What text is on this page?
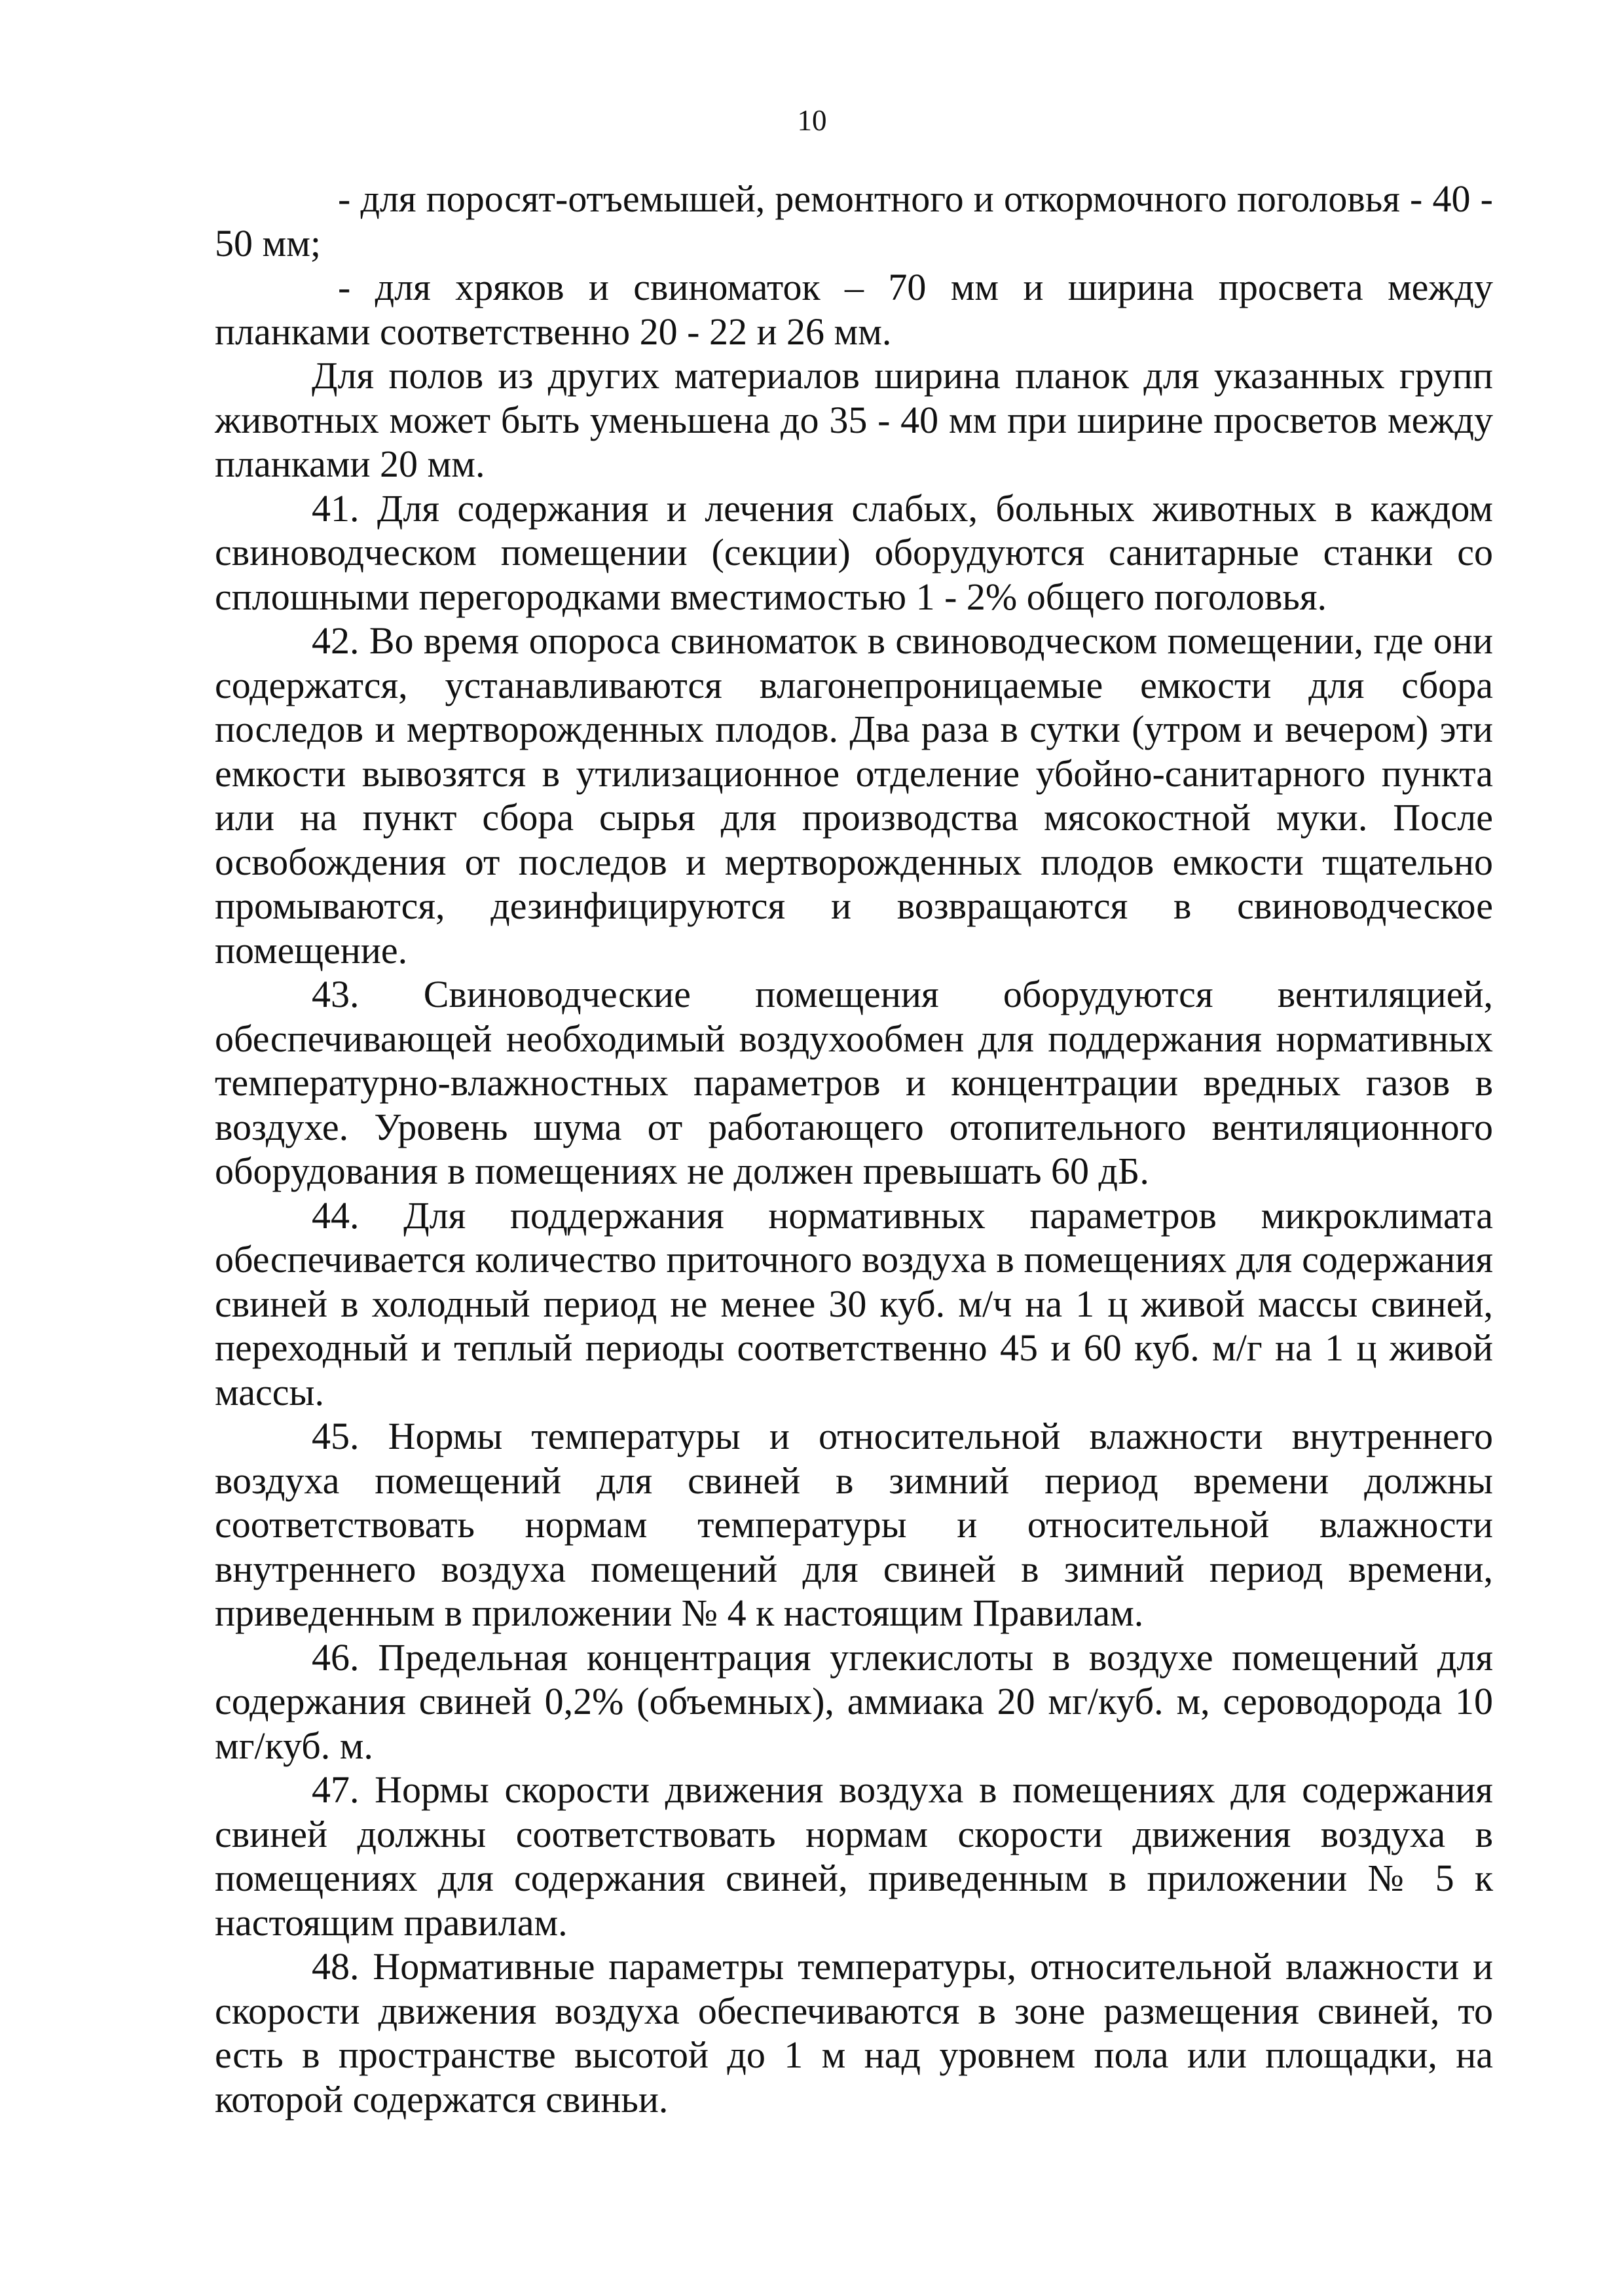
10

- для поросят-отъемышей, ремонтного и откормочного поголовья - 40 - 50 мм;

- для хряков и свиноматок – 70 мм и ширина просвета между планками соответственно 20 - 22 и 26 мм.

Для полов из других материалов ширина планок для указанных групп животных может быть уменьшена до 35 - 40 мм при ширине просветов между планками 20 мм.

41. Для содержания и лечения слабых, больных животных в каждом свиноводческом помещении (секции) оборудуются санитарные станки со сплошными перегородками вместимостью 1 - 2% общего поголовья.

42. Во время опороса свиноматок в свиноводческом помещении, где они содержатся, устанавливаются влагонепроницаемые емкости для сбора последов и мертворожденных плодов. Два раза в сутки (утром и вечером) эти емкости вывозятся в утилизационное отделение убойно-санитарного пункта или на пункт сбора сырья для производства мясокостной муки. После освобождения от последов и мертворожденных плодов емкости тщательно промываются, дезинфицируются и возвращаются в свиноводческое помещение.

43. Свиноводческие помещения оборудуются вентиляцией, обеспечивающей необходимый воздухообмен для поддержания нормативных температурно-влажностных параметров и концентрации вредных газов в воздухе. Уровень шума от работающего отопительного вентиляционного оборудования в помещениях не должен превышать 60 дБ.

44. Для поддержания нормативных параметров микроклимата обеспечивается количество приточного воздуха в помещениях для содержания свиней в холодный период не менее 30 куб. м/ч на 1 ц живой массы свиней, переходный и теплый периоды соответственно 45 и 60 куб. м/г на 1 ц живой массы.

45. Нормы температуры и относительной влажности внутреннего воздуха помещений для свиней в зимний период времени должны соответствовать нормам температуры и относительной влажности внутреннего воздуха помещений для свиней в зимний период времени, приведенным в приложении № 4 к настоящим Правилам.

46. Предельная концентрация углекислоты в воздухе помещений для содержания свиней 0,2% (объемных), аммиака 20 мг/куб. м, сероводорода 10 мг/куб. м.

47. Нормы скорости движения воздуха в помещениях для содержания свиней должны соответствовать нормам скорости движения воздуха в помещениях для содержания свиней, приведенным в приложении № 5 к настоящим правилам.

48. Нормативные параметры температуры, относительной влажности и скорости движения воздуха обеспечиваются в зоне размещения свиней, то есть в пространстве высотой до 1 м над уровнем пола или площадки, на которой содержатся свиньи.
